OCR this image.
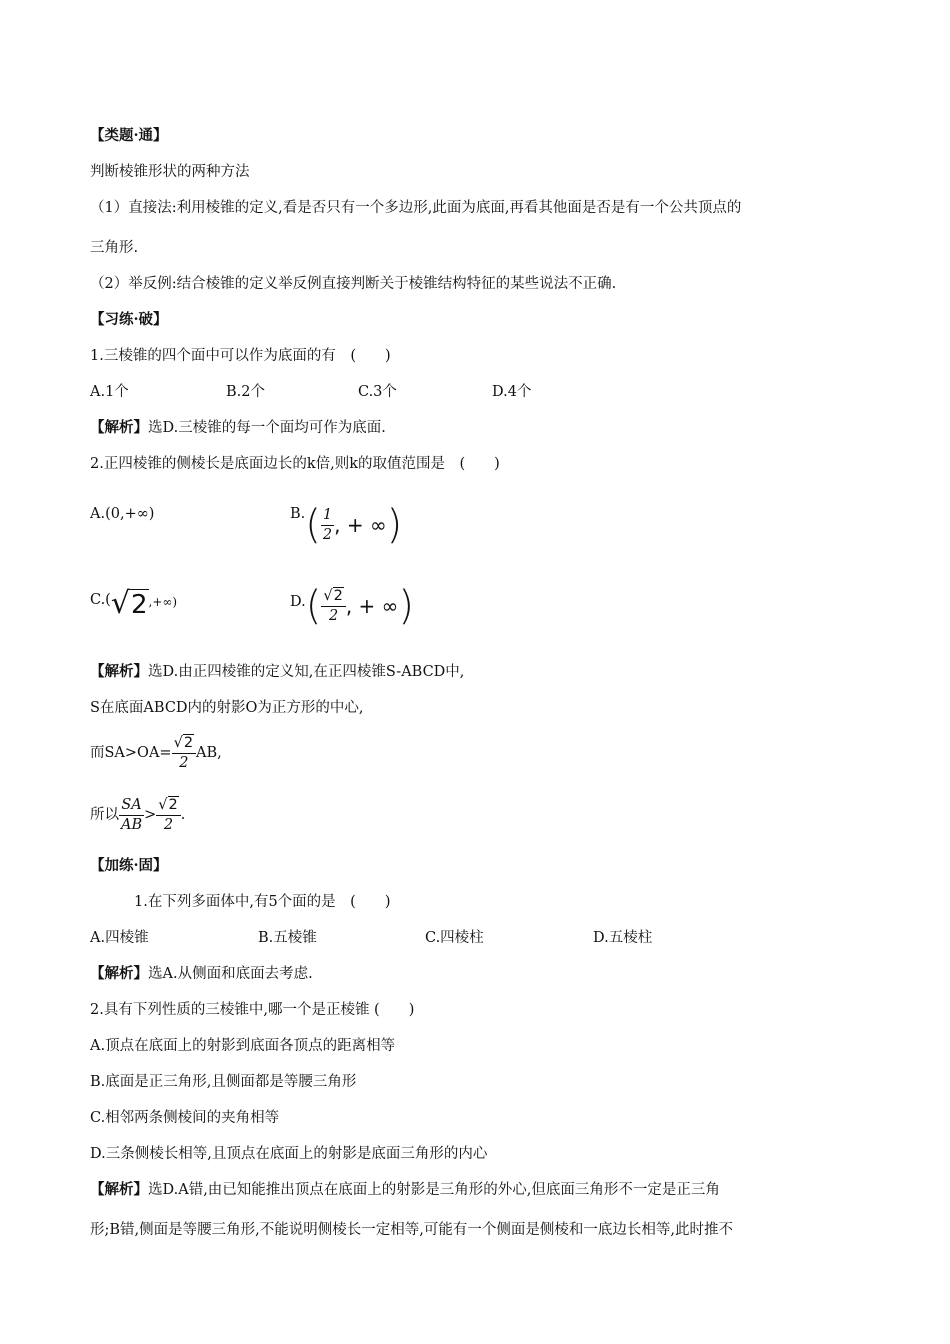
【类题·通】
判断棱锥形状的两种方法
（1）直接法:利用棱锥的定义,看是否只有一个多边形,此面为底面,再看其他面是否是有一个公共顶点的
三角形.
（2）举反例:结合棱锥的定义举反例直接判断关于棱锥结构特征的某些说法不正确.
【习练·破】
1.三棱锥的四个面中可以作为底面的有　(　　)
A.1个	B.2个	C.3个	D.4个
【解析】选D.三棱锥的每一个面均可作为底面.
2.正四棱锥的侧棱长是底面边长的k倍,则k的取值范围是　(　　)
A.(0,+∞)	B. ( $\frac{1}{2}$ , + ∞ )
C.( √2 ,+∞)	D. ( $\frac{√2}{2}$ , + ∞ )
【解析】选D.由正四棱锥的定义知,在正四棱锥S-ABCD中,
S在底面ABCD内的射影O为正方形的中心,
而$SA>OA= \frac{√2}{2}$ AB,
所以 $\frac{SA}{AB} > \frac{√2}{2}$ .
【加练·固】
1.在下列多面体中,有5个面的是　(　　)
A.四棱锥	B.五棱锥	C.四棱柱	D.五棱柱
【解析】选A.从侧面和底面去考虑.
2.具有下列性质的三棱锥中,哪一个是正棱锥 (　　)
A.顶点在底面上的射影到底面各顶点的距离相等
B.底面是正三角形,且侧面都是等腰三角形
C.相邻两条侧棱间的夹角相等
D.三条侧棱长相等,且顶点在底面上的射影是底面三角形的内心
【解析】选D.A错,由已知能推出顶点在底面上的射影是三角形的外心,但底面三角形不一定是正三角
形;B错,侧面是等腰三角形,不能说明侧棱长一定相等,可能有一个侧面是侧棱和一底边长相等,此时推不
